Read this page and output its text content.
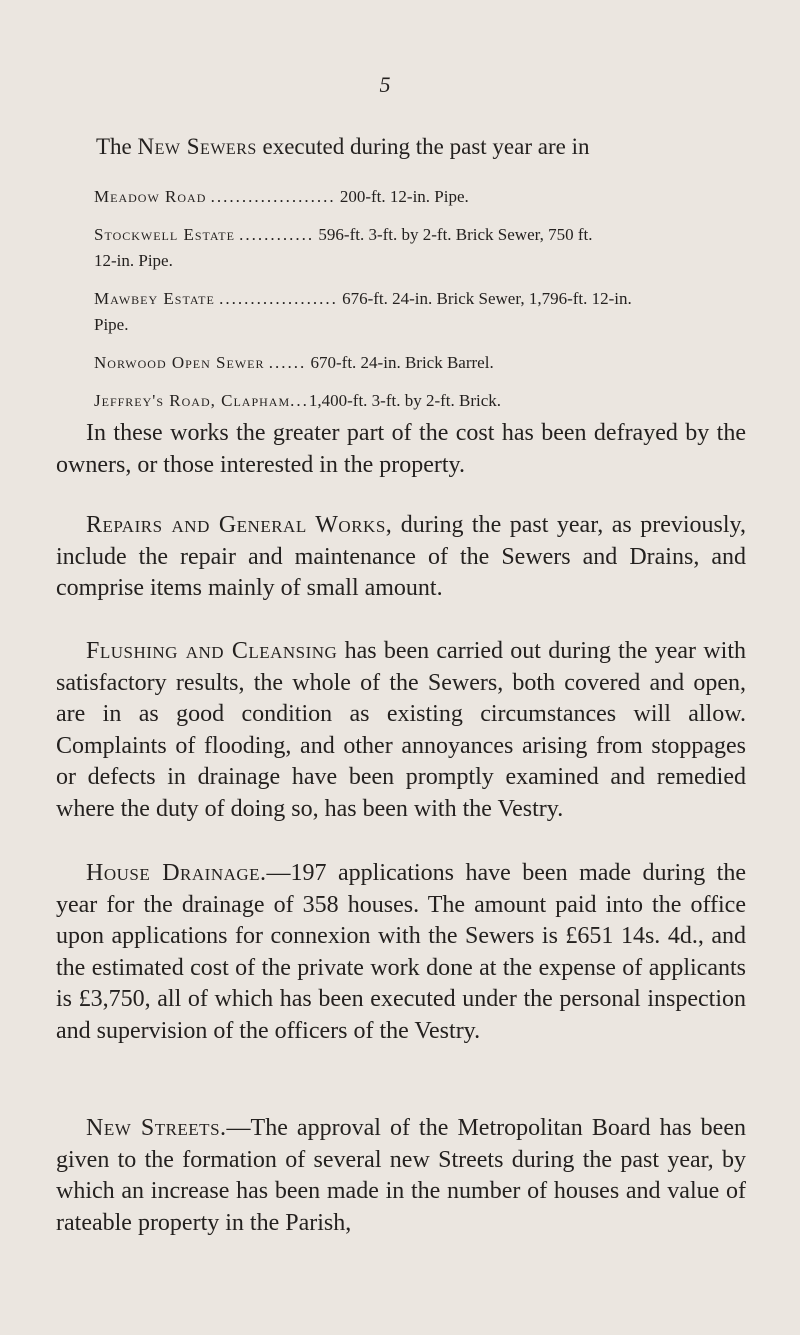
5
The New Sewers executed during the past year are in
Meadow Road .................... 200-ft. 12-in. Pipe.
Stockwell Estate ............ 596-ft. 3-ft. by 2-ft. Brick Sewer, 750 ft.
12-in. Pipe.
Mawbey Estate ................... 676-ft. 24-in. Brick Sewer, 1,796-ft. 12-in.
Pipe.
Norwood Open Sewer ...... 670-ft. 24-in. Brick Barrel.
Jeffrey's Road, Clapham...1,400-ft. 3-ft. by 2-ft. Brick.

In these works the greater part of the cost has been defrayed by the owners, or those interested in the property.

Repairs and General Works, during the past year, as previously, include the repair and maintenance of the Sewers and Drains, and comprise items mainly of small amount.

Flushing and Cleansing has been carried out during the year with satisfactory results, the whole of the Sewers, both covered and open, are in as good condition as existing circumstances will allow. Complaints of flooding, and other annoyances arising from stoppages or defects in drainage have been promptly examined and remedied where the duty of doing so, has been with the Vestry.

House Drainage.—197 applications have been made during the year for the drainage of 358 houses. The amount paid into the office upon applications for connexion with the Sewers is £651 14s. 4d., and the estimated cost of the private work done at the expense of applicants is £3,750, all of which has been executed under the personal inspection and supervision of the officers of the Vestry.

New Streets.—The approval of the Metropolitan Board has been given to the formation of several new Streets during the past year, by which an increase has been made in the number of houses and value of rateable property in the Parish,
